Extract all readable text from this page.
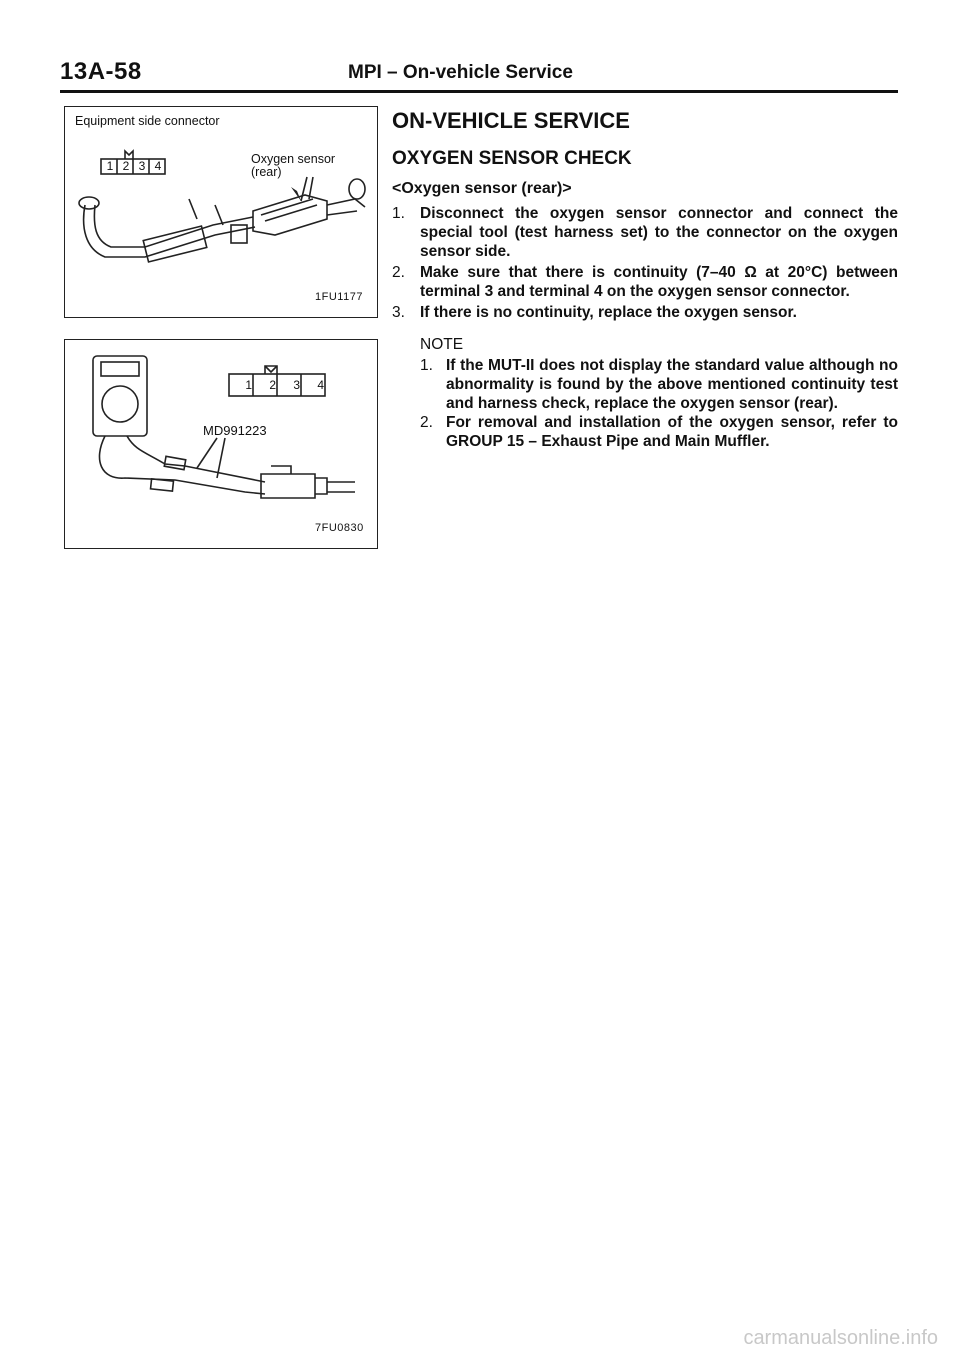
13A-58	MPI – On-vehicle Service
Equipment side connector
Oxygen sensor (rear)
1FU1177
1 2 3 4
MD991223
7FU0830
1 2 3 4
ON-VEHICLE SERVICE
OXYGEN SENSOR CHECK
<Oxygen sensor (rear)>
1. Disconnect the oxygen sensor connector and connect the special tool (test harness set) to the connector on the oxygen sensor side.
2. Make sure that there is continuity (7–40 Ω at 20°C) between terminal 3 and terminal 4 on the oxygen sensor connector.
3. If there is no continuity, replace the oxygen sensor.
NOTE
1. If the MUT-II does not display the standard value although no abnormality is found by the above mentioned continuity test and harness check, replace the oxygen sensor (rear).
2. For removal and installation of the oxygen sensor, refer to GROUP 15 – Exhaust Pipe and Main Muffler.
carmanualsonline.info
